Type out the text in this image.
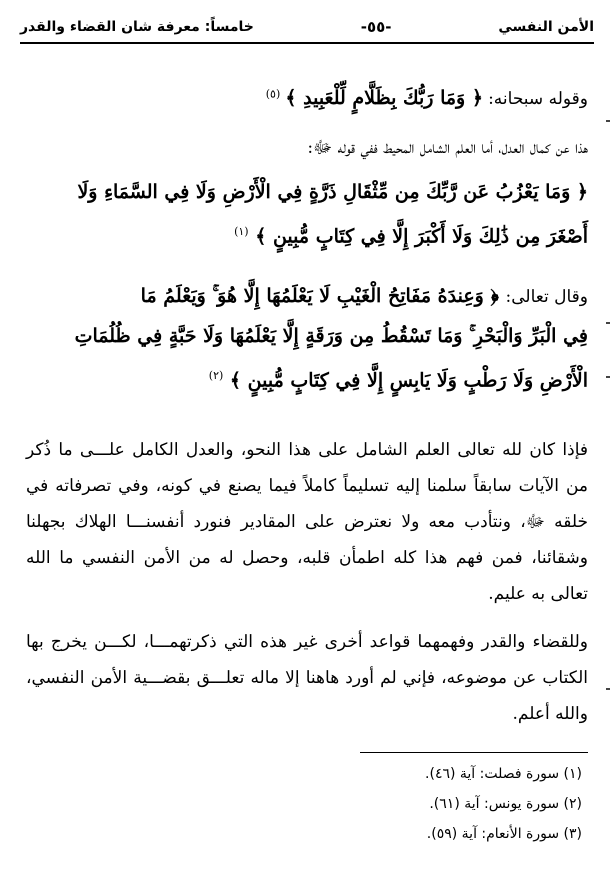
الأمن النفسي
-٥٥-
خامساً: معرفة شان القضاء والقدر
وقوله سبحانه: ﴿ وَمَا رَبُّكَ بِظَلَّامٍ لِّلْعَبِيدِ ﴾ $^{(٥)}$
هذا عن كمال العدل، أما العلم الشامل المحيط ففي قوله ﷻ:
﴿ وَمَا يَعْزُبُ عَن رَّبِّكَ مِن مِّثْقَالِ ذَرَّةٍ فِي الْأَرْضِ وَلَا فِي السَّمَاءِ وَلَا
أَصْغَرَ مِن ذَٰلِكَ وَلَا أَكْبَرَ إِلَّا فِي كِتَابٍ مُّبِينٍ ﴾ $^{(١)}$
وقال تعالى: ﴿ وَعِندَهُ مَفَاتِحُ الْغَيْبِ لَا يَعْلَمُهَا إِلَّا هُوَ ۚ وَيَعْلَمُ مَا
فِي الْبَرِّ وَالْبَحْرِ ۚ وَمَا تَسْقُطُ مِن وَرَقَةٍ إِلَّا يَعْلَمُهَا وَلَا حَبَّةٍ فِي ظُلُمَاتِ
الْأَرْضِ وَلَا رَطْبٍ وَلَا يَابِسٍ إِلَّا فِي كِتَابٍ مُّبِينٍ ﴾ $^{(٢)}$
فإذا كان لله تعالى العلم الشامل على هذا النحو، والعدل الكامل علـــى ما ذُكر من الآيات سابقاً سلمنا إليه تسليماً كاملاً فيما يصنع في كونه، وفي تصرفاته في خلقه ﷻ، ونتأدب معه ولا نعترض على المقادير فنورد أنفسنـــا الهلاك بجهلنا وشقائنا، فمن فهم هذا كله اطمأن قلبه، وحصل له من الأمن النفسي ما الله تعالى به عليم.
وللقضاء والقدر وفهمهما قواعد أخرى غير هذه التي ذكرتهمـــا، لكـــن يخرج بها الكتاب عن موضوعه، فإني لم أورد هاهنا إلا ماله تعلـــق بقضـــية الأمن النفسي، والله أعلم.
(١) سورة فصلت: آية (٤٦).
(٢) سورة يونس: آية (٦١).
(٣) سورة الأنعام: آية (٥٩).
